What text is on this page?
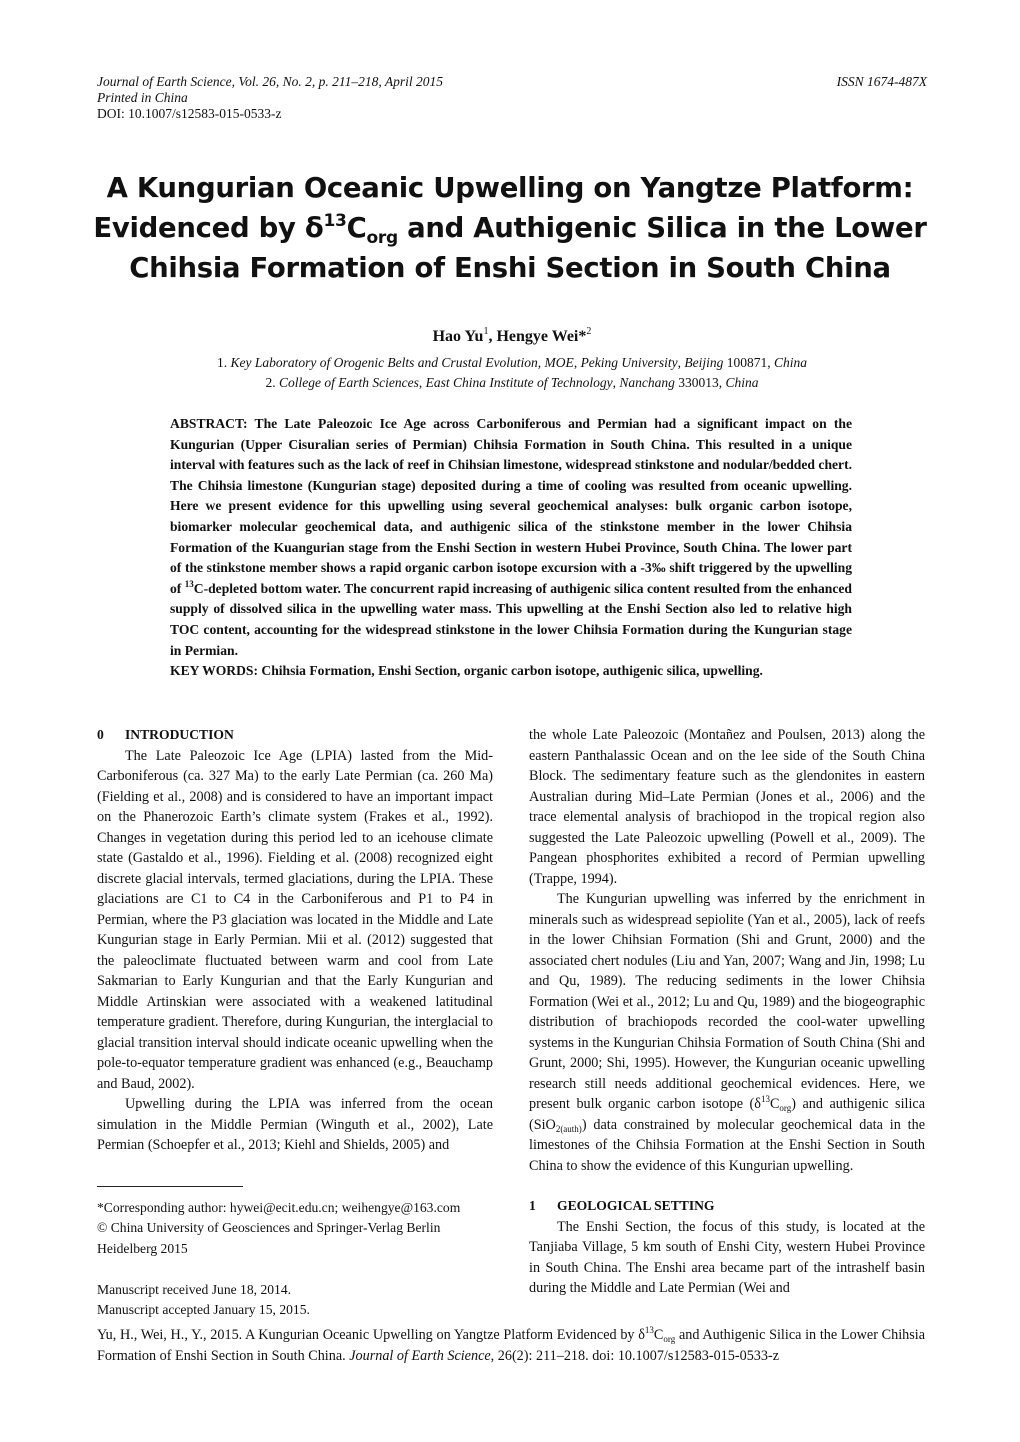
Journal of Earth Science, Vol. 26, No. 2, p. 211–218, April 2015	ISSN 1674-487X
Printed in China
DOI: 10.1007/s12583-015-0533-z
A Kungurian Oceanic Upwelling on Yangtze Platform:
Evidenced by $\delta^{13}C_{org}$ and Authigenic Silica in the Lower
Chihsia Formation of Enshi Section in South China
Hao Yu$^1$, Hengye Wei*$^2$
1. Key Laboratory of Orogenic Belts and Crustal Evolution, MOE, Peking University, Beijing 100871, China
2. College of Earth Sciences, East China Institute of Technology, Nanchang 330013, China

ABSTRACT: The Late Paleozoic Ice Age across Carboniferous and Permian had a significant impact on the Kungurian (Upper Cisuralian series of Permian) Chihsia Formation in South China. This resulted in a unique interval with features such as the lack of reef in Chihsian limestone, widespread stinkstone and nodular/bedded chert. The Chihsia limestone (Kungurian stage) deposited during a time of cooling was resulted from oceanic upwelling. Here we present evidence for this upwelling using several geochemical analyses: bulk organic carbon isotope, biomarker molecular geochemical data, and authigenic silica of the stinkstone member in the lower Chihsia Formation of the Kuangurian stage from the Enshi Section in western Hubei Province, South China. The lower part of the stinkstone member shows a rapid organic carbon isotope excursion with a -3‰ shift triggered by the upwelling of $^{13}$C-depleted bottom water. The concurrent rapid increasing of authigenic silica content resulted from the enhanced supply of dissolved silica in the upwelling water mass. This upwelling at the Enshi Section also led to relative high TOC content, accounting for the widespread stinkstone in the lower Chihsia Formation during the Kungurian stage in Permian.

KEY WORDS: Chihsia Formation, Enshi Section, organic carbon isotope, authigenic silica, upwelling.

0 INTRODUCTION

The Late Paleozoic Ice Age (LPIA) lasted from the Mid-Carboniferous (ca. 327 Ma) to the early Late Permian (ca. 260 Ma) (Fielding et al., 2008) and is considered to have an important impact on the Phanerozoic Earth’s climate system (Frakes et al., 1992). Changes in vegetation during this period led to an icehouse climate state (Gastaldo et al., 1996). Fielding et al. (2008) recognized eight discrete glacial intervals, termed glaciations, during the LPIA. These glaciations are C1 to C4 in the Carboniferous and P1 to P4 in Permian, where the P3 glaciation was located in the Middle and Late Kungurian stage in Early Permian. Mii et al. (2012) suggested that the paleoclimate fluctuated between warm and cool from Late Sakmarian to Early Kungurian and that the Early Kungurian and Middle Artinskian were associated with a weakened latitudinal temperature gradient. Therefore, during Kungurian, the interglacial to glacial transition interval should indicate oceanic upwelling when the pole-to-equator temperature gradient was enhanced (e.g., Beauchamp and Baud, 2002).

Upwelling during the LPIA was inferred from the ocean simulation in the Middle Permian (Winguth et al., 2002), Late Permian (Schoepfer et al., 2013; Kiehl and Shields, 2005) and

*Corresponding author: hywei@ecit.edu.cn; weihengye@163.com
© China University of Geosciences and Springer-Verlag Berlin Heidelberg 2015
Manuscript received June 18, 2014.
Manuscript accepted January 15, 2015.

the whole Late Paleozoic (Montañez and Poulsen, 2013) along the eastern Panthalassic Ocean and on the lee side of the South China Block. The sedimentary feature such as the glendonites in eastern Australian during Mid–Late Permian (Jones et al., 2006) and the trace elemental analysis of brachiopod in the tropical region also suggested the Late Paleozoic upwelling (Powell et al., 2009). The Pangean phosphorites exhibited a record of Permian upwelling (Trappe, 1994).

The Kungurian upwelling was inferred by the enrichment in minerals such as widespread sepiolite (Yan et al., 2005), lack of reefs in the lower Chihsian Formation (Shi and Grunt, 2000) and the associated chert nodules (Liu and Yan, 2007; Wang and Jin, 1998; Lu and Qu, 1989). The reducing sediments in the lower Chihsia Formation (Wei et al., 2012; Lu and Qu, 1989) and the biogeographic distribution of brachiopods recorded the cool-water upwelling systems in the Kungurian Chihsia Formation of South China (Shi and Grunt, 2000; Shi, 1995). However, the Kungurian oceanic upwelling research still needs additional geochemical evidences. Here, we present bulk organic carbon isotope $(\delta^{13}C_{org})$ and authigenic silica (SiO$_{2(auth)}$) data constrained by molecular geochemical data in the limestones of the Chihsia Formation at the Enshi Section in South China to show the evidence of this Kungurian upwelling.

1 GEOLOGICAL SETTING

The Enshi Section, the focus of this study, is located at the Tanjiaba Village, 5 km south of Enshi City, western Hubei Province in South China. The Enshi area became part of the intrashelf basin during the Middle and Late Permian (Wei and

Yu, H., Wei, H., Y., 2015. A Kungurian Oceanic Upwelling on Yangtze Platform Evidenced by $\delta^{13}C_{org}$ and Authigenic Silica in the Lower Chihsia Formation of Enshi Section in South China. Journal of Earth Science, 26(2): 211–218. doi: 10.1007/s12583-015-0533-z
